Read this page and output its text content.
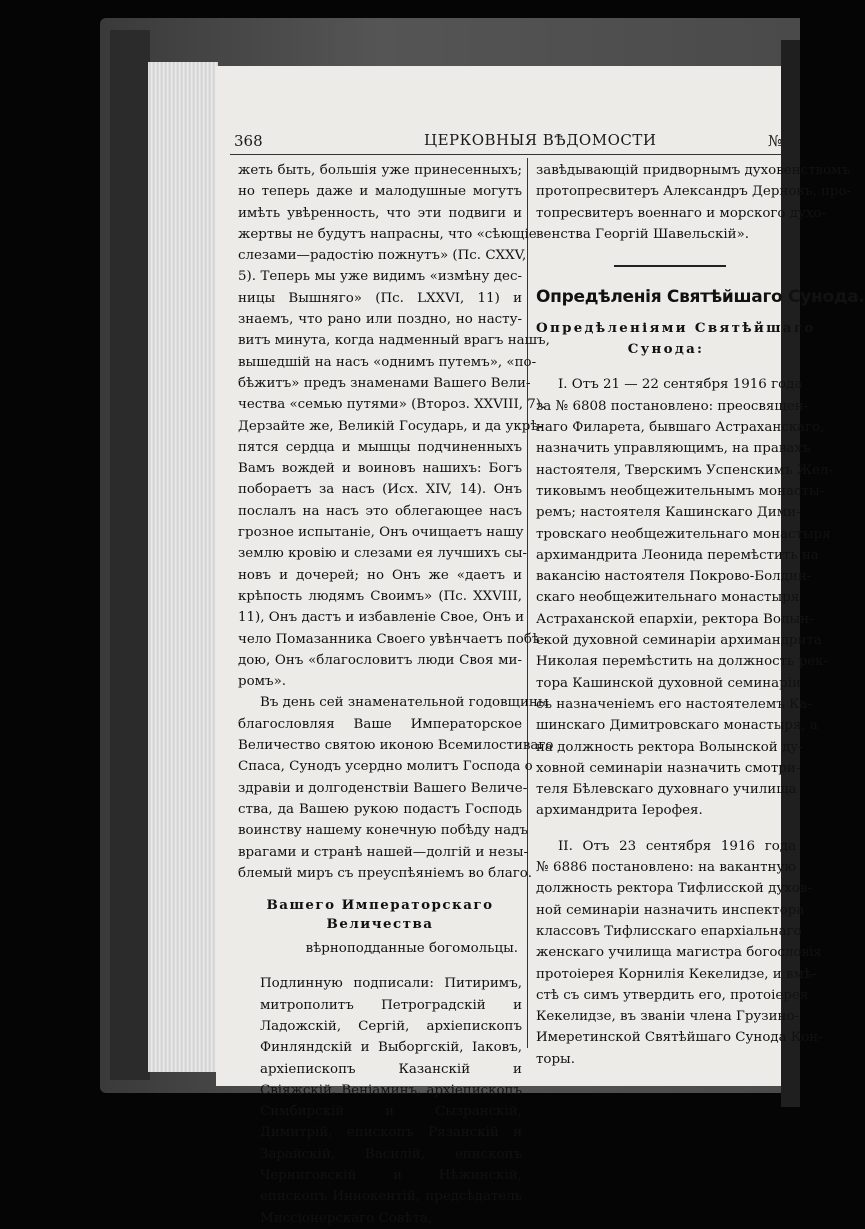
368	ЦЕРКОВНЫЯ ВѢДОМОСТИ	№

жеть быть, большія уже принесенныхъ;
но теперь даже и малодушные могутъ
имѣть увѣренность, что эти подвиги и
жертвы не будутъ напрасны, что «сѣющіе
слезами—радостію пожнутъ» (Пс. CXXV,
5). Теперь мы уже видимъ «измѣну дес-
ницы Вышняго» (Пс. LXXVI, 11) и
знаемъ, что рано или поздно, но насту-
витъ минута, когда надменный врагъ нашъ,
вышедшій на насъ «однимъ путемъ», «по-
бѣжитъ» предъ знаменами Вашего Вели-
чества «семью путями» (Второз. XXVIII, 7).
Дерзайте же, Великій Государь, и да укрѣ-
пятся сердца и мышцы подчиненныхъ
Вамъ вождей и воиновъ нашихъ: Богъ
побораетъ за насъ (Исх. XIV, 14). Онъ
послалъ на насъ это облегающее насъ
грозное испытаніе, Онъ очищаетъ нашу
землю кровію и слезами ея лучшихъ сы-
новъ и дочерей; но Онъ же «даетъ и
крѣпость людямъ Своимъ» (Пс. XXVIII,
11), Онъ дастъ и избавленіе Свое, Онъ и
чело Помазанника Своего увѣнчаетъ побѣ-
дою, Онъ «благословитъ люди Своя ми-
ромъ».

Въ день сей знаменательной годовщины
благословляя Ваше Императорское
Величество святою иконою Всемилостиваго
Спаса, Сунодъ усердно молитъ Господа о
здравіи и долгоденствіи Вашего Величе-
ства, да Вашею рукою подастъ Господь
воинству нашему конечную побѣду надъ
врагами и странѣ нашей—долгій и незы-
блемый миръ съ преуспѣяніемъ во благо.

Вашего Императорскаго
Величества
вѣрноподданные богомольцы.

Подлинную подписали: Питиримъ, митрополитъ Петроградскій и Ладожскій, Сергій, архіепископъ Финляндскій и Выборгскій, Іаковъ, архіепископъ Казанскій и Свіяжскій, Веніаминъ, архіепископъ Симбирскій и Сызранскій, Димитрій, епископъ Рязанскій и Зарайскій, Василій, епископъ Черниговскій и Нѣжинскій, епископъ Иннокентій, предсѣдатель Миссіонерскаго Совѣта,

завѣдывающій придворнымъ духовенствомъ
протопресвитеръ Александръ Дерновъ, про-
топресвитеръ военнаго и морского духо-
венства Георгій Шавельскій».

Опредѣленія Святѣйшаго Сунода.
Опредѣленіями Святѣйшаго
Сунода:

I. Отъ 21 — 22 сентября 1916 года
за № 6808 постановлено: преосвящен-
наго Филарета, бывшаго Астраханскаго,
назначить управляющимъ, на правахъ
настоятеля, Тверскимъ Успенскимъ Жел-
тиковымъ необщежительнымъ монасты-
ремъ; настоятеля Кашинскаго Дими-
тровскаго необщежительнаго монастыря
архимандрита Леонида перемѣстить на
вакансію настоятеля Покрово-Болдин-
скаго необщежительнаго монастыря
Астраханской епархіи, ректора Волын-
ской духовной семинаріи архимандрита
Николая перемѣстить на должность рек-
тора Кашинской духовной семинаріи
съ назначеніемъ его настоятелемъ Ка-
шинскаго Димитровскаго монастыря, а
на должность ректора Волынской ду-
ховной семинаріи назначить смотри-
теля Бѣлевскаго духовнаго училища
архимандрита Іерофея.

II. Отъ 23 сентября 1916 года
№ 6886 постановлено: на вакантную
должность ректора Тифлисской духов-
ной семинаріи назначить инспектора
классовъ Тифлисскаго епархіальнаго
женскаго училища магистра богословія
протоіерея Корнилія Кекелидзе, и вмѣ-
стѣ съ симъ утвердить его, протоіерея
Кекелидзе, въ званіи члена Грузино-
Имеретинской Святѣйшаго Сунода Кон-
торы.
